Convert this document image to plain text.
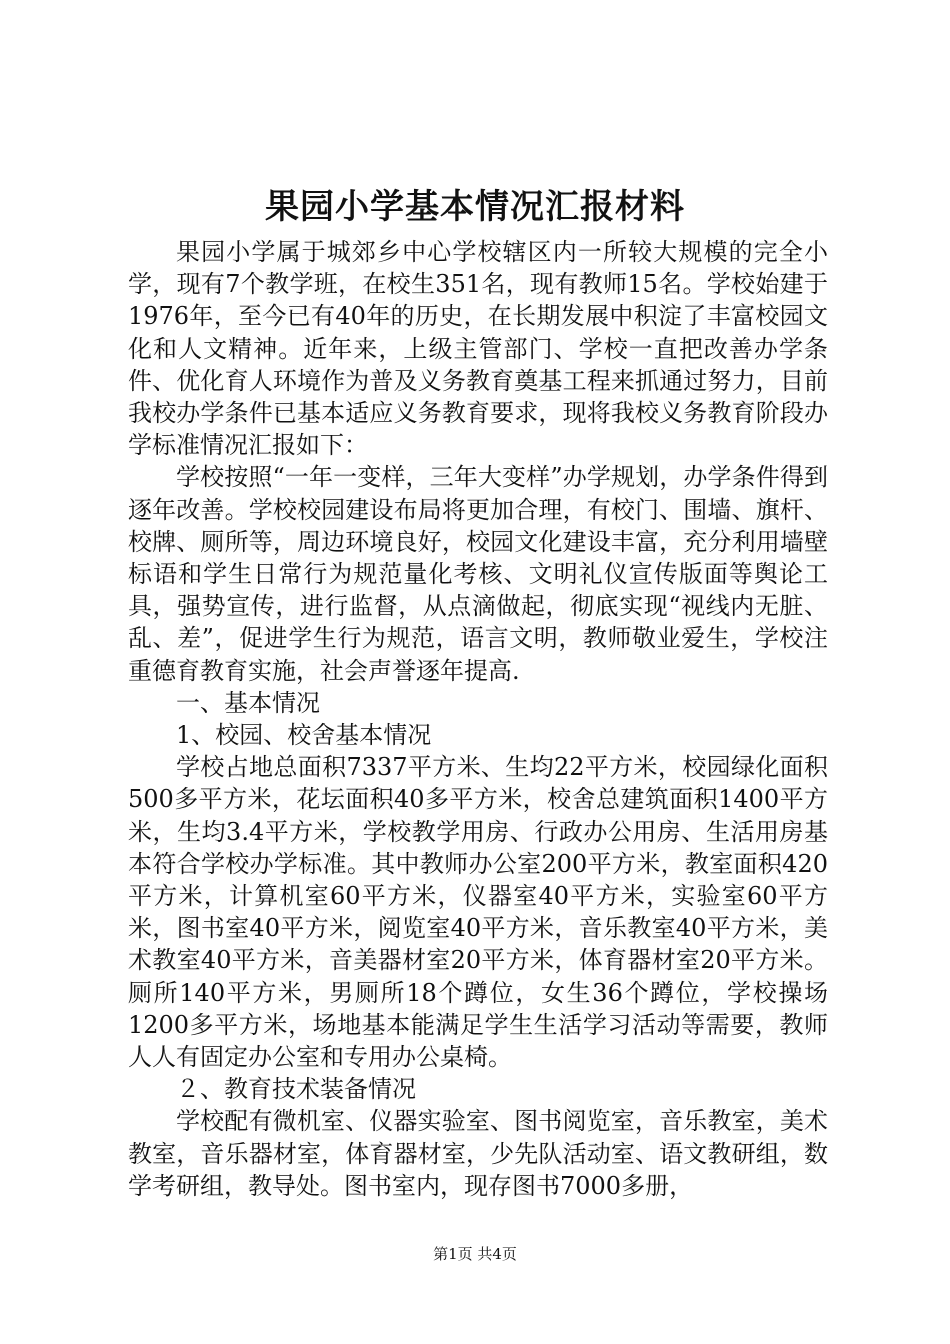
果园小学基本情况汇报材料

果园小学属于城郊乡中心学校辖区内一所较大规模的完全小学，现有7个教学班，在校生351名，现有教师15名。学校始建于1976年，至今已有40年的历史，在长期发展中积淀了丰富校园文化和人文精神。近年来，上级主管部门、学校一直把改善办学条件、优化育人环境作为普及义务教育奠基工程来抓通过努力，目前我校办学条件已基本适应义务教育要求，现将我校义务教育阶段办学标准情况汇报如下：

学校按照“一年一变样，三年大变样”办学规划，办学条件得到逐年改善。学校校园建设布局将更加合理，有校门、围墙、旗杆、校牌、厕所等，周边环境良好，校园文化建设丰富，充分利用墙壁标语和学生日常行为规范量化考核、文明礼仪宣传版面等舆论工具，强势宣传，进行监督，从点滴做起，彻底实现“视线内无脏、乱、差”，促进学生行为规范，语言文明，教师敬业爱生，学校注重德育教育实施，社会声誉逐年提高.

一、基本情况

1、校园、校舍基本情况

学校占地总面积7337平方米、生均22平方米，校园绿化面积500多平方米，花坛面积40多平方米，校舍总建筑面积1400平方米，生均3.4平方米，学校教学用房、行政办公用房、生活用房基本符合学校办学标准。其中教师办公室200平方米，教室面积420平方米，计算机室60平方米，仪器室40平方米，实验室60平方米，图书室40平方米，阅览室40平方米，音乐教室40平方米，美术教室40平方米，音美器材室20平方米，体育器材室20平方米。厕所140平方米，男厕所18个蹲位，女生36个蹲位，学校操场1200多平方米，场地基本能满足学生生活学习活动等需要，教师人人有固定办公室和专用办公桌椅。

２、教育技术装备情况

学校配有微机室、仪器实验室、图书阅览室，音乐教室，美术教室，音乐器材室，体育器材室，少先队活动室、语文教研组，数学考研组，教导处。图书室内，现存图书7000多册，

第1页 共4页
